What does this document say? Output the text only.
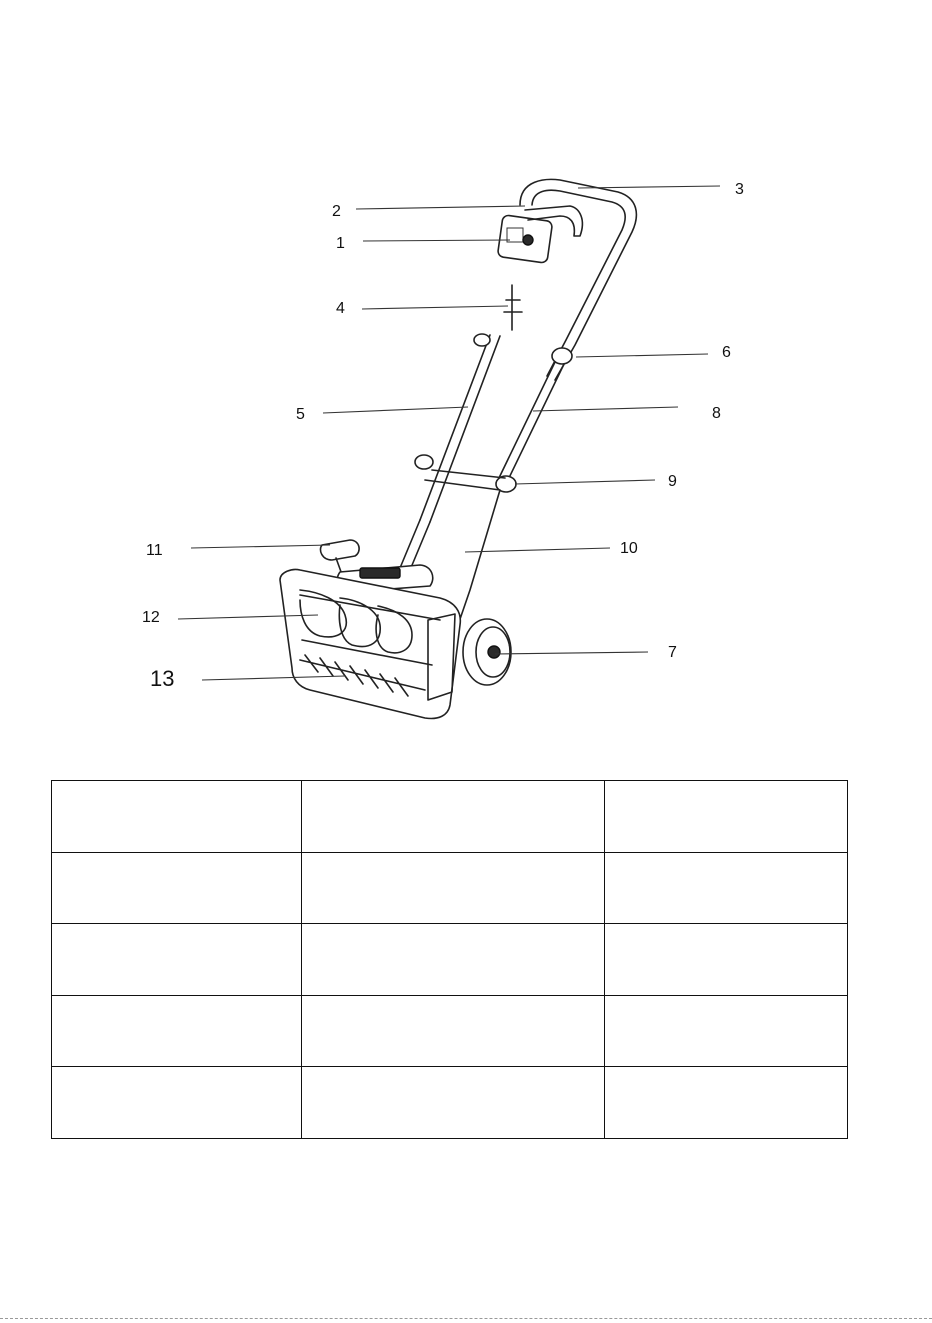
3
2
1
4
6
5	8
9
10
11
12
7
13
